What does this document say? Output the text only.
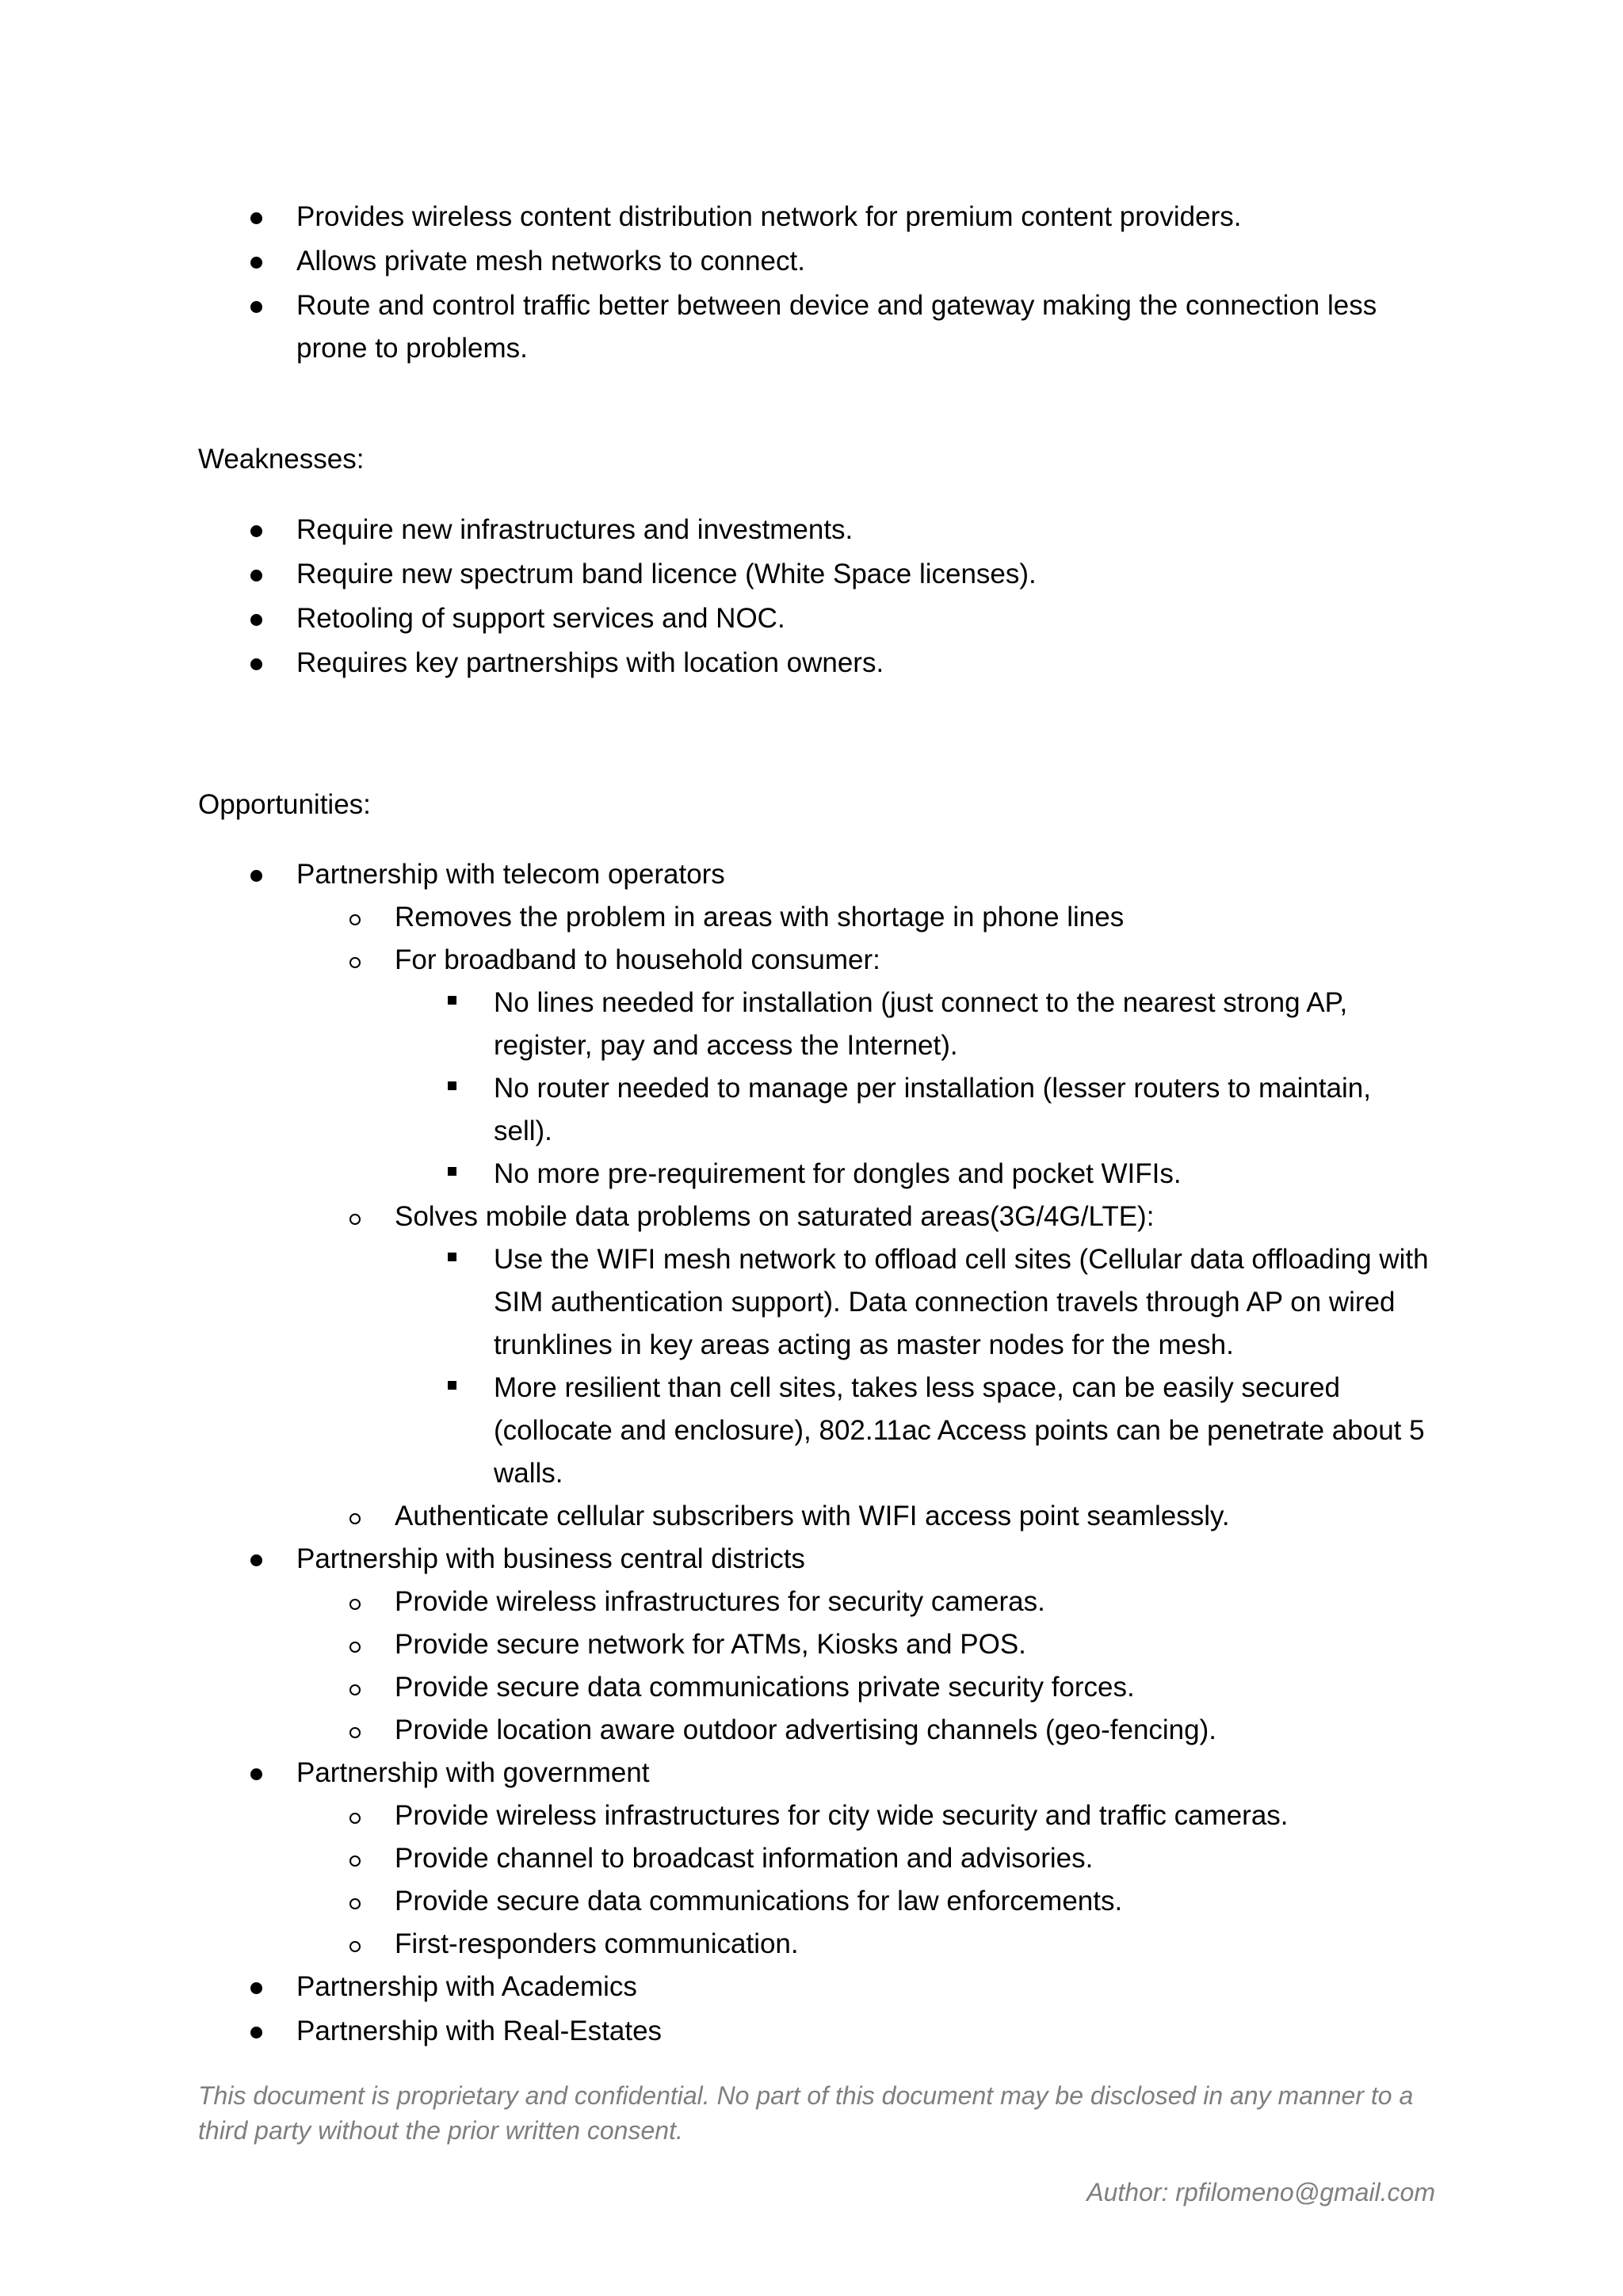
Provides wireless content distribution network for premium content providers.
Allows private mesh networks to connect.
Route and control traffic better between device and gateway making the connection less
prone to problems.
Weaknesses:
Require new infrastructures and investments.
Require new spectrum band licence (White Space licenses).
Retooling of support services and NOC.
Requires key partnerships with location owners.
Opportunities:
Partnership with telecom operators
Removes the problem in areas with shortage in phone lines
For broadband to household consumer:
No lines needed for installation (just connect to the nearest strong AP,
register, pay and access the Internet).
No router needed to manage per installation (lesser routers to maintain,
sell).
No more pre-requirement for dongles and pocket WIFIs.
Solves mobile data problems on saturated areas(3G/4G/LTE):
Use the WIFI mesh network to offload cell sites (Cellular data offloading with
SIM authentication support). Data connection travels through AP on wired
trunklines in key areas acting as master nodes for the mesh.
More resilient than cell sites, takes less space, can be easily secured
(collocate and enclosure), 802.11ac Access points can be penetrate about 5
walls.
Authenticate cellular subscribers with WIFI access point seamlessly.
Partnership with business central districts
Provide wireless infrastructures for security cameras.
Provide secure network for ATMs, Kiosks and POS.
Provide secure data communications private security forces.
Provide location aware outdoor advertising channels (geo-fencing).
Partnership with government
Provide wireless infrastructures for city wide security and traffic cameras.
Provide channel to broadcast information and advisories.
Provide secure data communications for law enforcements.
First-responders communication.
Partnership with Academics
Partnership with Real-Estates
This document is proprietary and confidential. No part of this document may be disclosed in any manner to a
third party without the prior written consent.
Author: rpfilomeno@gmail.com
